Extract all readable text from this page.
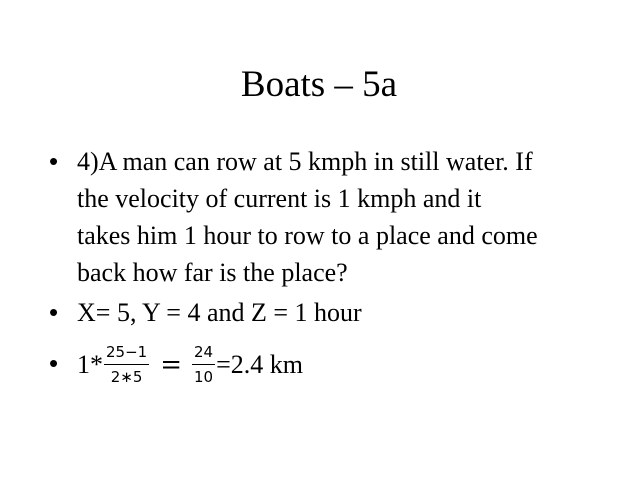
Boats – 5a
• 4)A man can row at 5 kmph in still water. If
the velocity of current is 1 kmph and it
takes him 1 hour to row to a place and come
back how far is the place?
• X= 5, Y = 4 and Z = 1 hour
• $1* \frac{25-1}{2∗5} = \frac{24}{10} =2.4$ km
